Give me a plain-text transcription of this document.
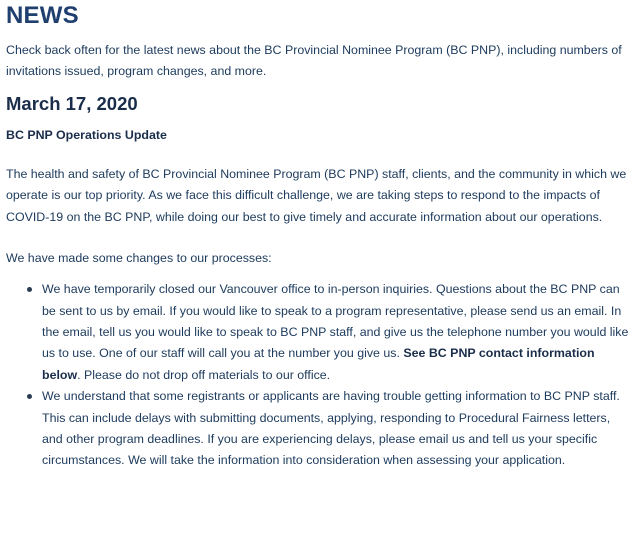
NEWS

Check back often for the latest news about the BC Provincial Nominee Program (BC PNP), including numbers of invitations issued, program changes, and more.

March 17, 2020
BC PNP Operations Update

The health and safety of BC Provincial Nominee Program (BC PNP) staff, clients, and the community in which we operate is our top priority. As we face this difficult challenge, we are taking steps to respond to the impacts of COVID-19 on the BC PNP, while doing our best to give timely and accurate information about our operations.

We have made some changes to our processes:

We have temporarily closed our Vancouver office to in-person inquiries. Questions about the BC PNP can be sent to us by email. If you would like to speak to a program representative, please send us an email. In the email, tell us you would like to speak to BC PNP staff, and give us the telephone number you would like us to use. One of our staff will call you at the number you give us. See BC PNP contact information below. Please do not drop off materials to our office.
We understand that some registrants or applicants are having trouble getting information to BC PNP staff. This can include delays with submitting documents, applying, responding to Procedural Fairness letters, and other program deadlines. If you are experiencing delays, please email us and tell us your specific circumstances. We will take the information into consideration when assessing your application.
